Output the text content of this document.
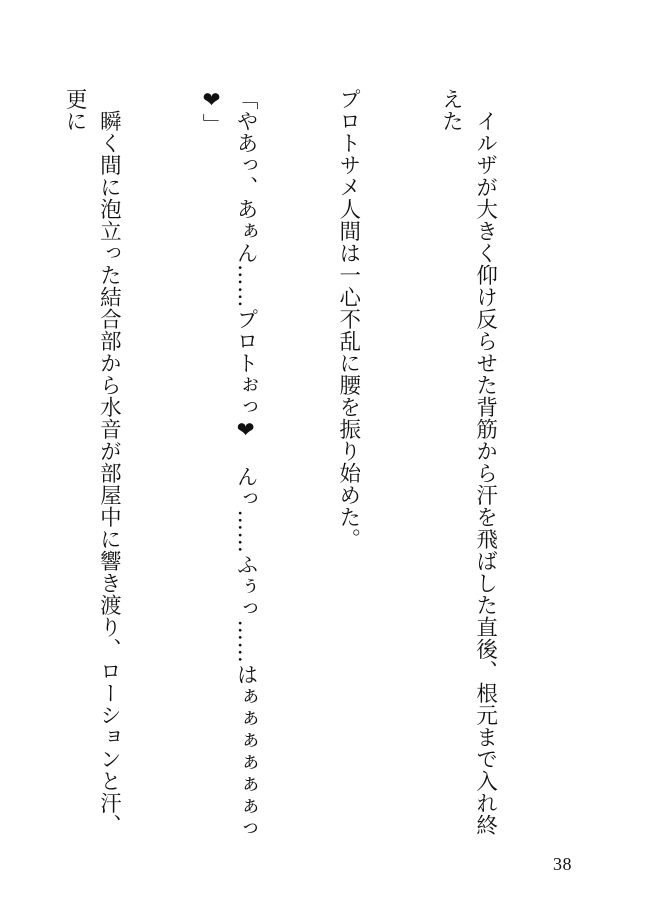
　イルザが大きく仰け反らせた背筋から汗を飛ばした直後、根元まで入れ終えた

プロトサメ人間は一心不乱に腰を振り始めた。

「やあっ、あぁん……プロトぉっ❤　んっ……ふぅっ……はぁぁぁぁぁぁっ❤」

　瞬く間に泡立った結合部から水音が部屋中に響き渡り、ローションと汗、更に

38
